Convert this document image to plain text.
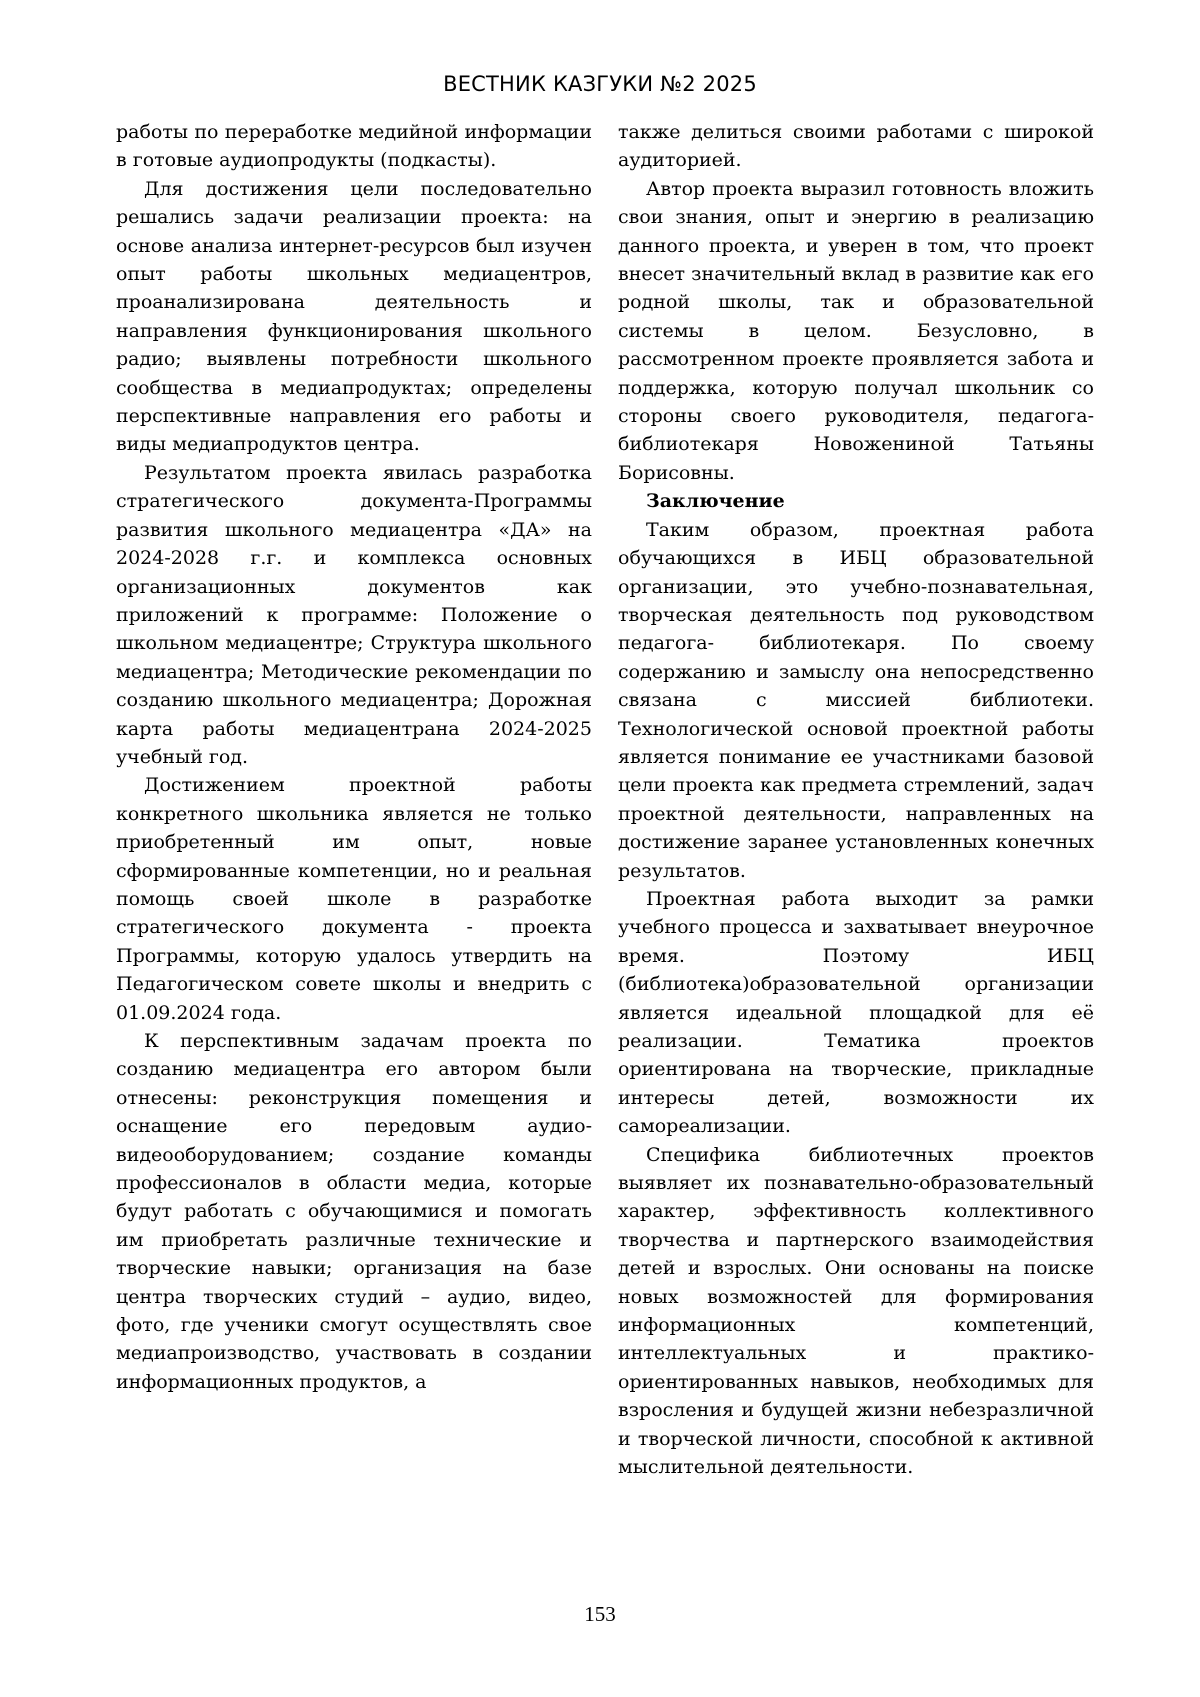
ВЕСТНИК КАЗГУКИ №2 2025

работы по переработке медийной информации в готовые аудиопродукты (подкасты).

Для достижения цели последовательно решались задачи реализации проекта: на основе анализа интернет-ресурсов был изучен опыт работы школьных медиацентров, проанализирована деятельность и направления функционирования школьного радио; выявлены потребности школьного сообщества в медиапродуктах; определены перспективные направления его работы и виды медиапродуктов центра.

Результатом проекта явилась разработка стратегического документа-Программы развития школьного медиацентра «ДА» на 2024-2028 г.г. и комплекса основных организационных документов как приложений к программе: Положение о школьном медиацентре; Структура школьного медиацентра; Методические рекомендации по созданию школьного медиацентра; Дорожная карта работы медиацентрана 2024-2025 учебный год.

Достижением проектной работы конкретного школьника является не только приобретенный им опыт, новые сформированные компетенции, но и реальная помощь своей школе в разработке стратегического документа - проекта Программы, которую удалось утвердить на Педагогическом совете школы и внедрить с 01.09.2024 года.

К перспективным задачам проекта по созданию медиацентра его автором были отнесены: реконструкция помещения и оснащение его передовым аудио-видеооборудованием; создание команды профессионалов в области медиа, которые будут работать с обучающимися и помогать им приобретать различные технические и творческие навыки; организация на базе центра творческих студий – аудио, видео, фото, где ученики смогут осуществлять свое медиапроизводство, участвовать в создании информационных продуктов, а

также делиться своими работами с широкой аудиторией.

Автор проекта выразил готовность вложить свои знания, опыт и энергию в реализацию данного проекта, и уверен в том, что проект внесет значительный вклад в развитие как его родной школы, так и образовательной системы в целом. Безусловно, в рассмотренном проекте проявляется забота и поддержка, которую получал школьник со стороны своего руководителя, педагога-библиотекаря Новожениной Татьяны Борисовны.

Заключение

Таким образом, проектная работа обучающихся в ИБЦ образовательной организации, это учебно-познавательная, творческая деятельность под руководством педагога- библиотекаря. По своему содержанию и замыслу она непосредственно связана с миссией библиотеки. Технологической основой проектной работы является понимание ее участниками базовой цели проекта как предмета стремлений, задач проектной деятельности, направленных на достижение заранее установленных конечных результатов.

Проектная работа выходит за рамки учебного процесса и захватывает внеурочное время. Поэтому ИБЦ (библиотека)образовательной организации является идеальной площадкой для её реализации. Тематика проектов ориентирована на творческие, прикладные интересы детей, возможности их самореализации.

Специфика библиотечных проектов выявляет их познавательно-образовательный характер, эффективность коллективного творчества и партнерского взаимодействия детей и взрослых. Они основаны на поиске новых возможностей для формирования информационных компетенций, интеллектуальных и практико-ориентированных навыков, необходимых для взросления и будущей жизни небезразличной и творческой личности, способной к активной мыслительной деятельности.

153
